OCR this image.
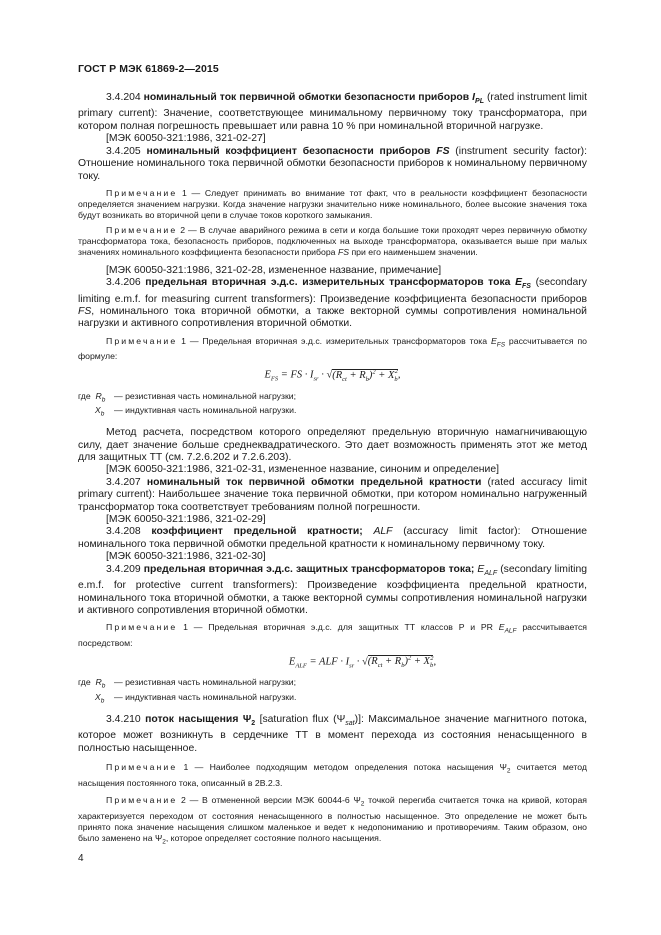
ГОСТ Р МЭК 61869-2—2015

3.4.204 номинальный ток первичной обмотки безопасности приборов $I_{PL}$ (rated instrument limit primary current): Значение, соответствующее минимальному первичному току трансформатора, при котором полная погрешность превышает или равна 10 % при номинальной вторичной нагрузке.

[МЭК 60050-321:1986, 321-02-27]

3.4.205 номинальный коэффициент безопасности приборов FS (instrument security factor): Отношение номинального тока первичной обмотки безопасности приборов к номинальному первичному току.

Примечание 1 — Следует принимать во внимание тот факт, что в реальности коэффициент безопасности определяется значением нагрузки. Когда значение нагрузки значительно ниже номинального, более высокие значения тока будут возникать во вторичной цепи в случае токов короткого замыкания.

Примечание 2 — В случае аварийного режима в сети и когда большие токи проходят через первичную обмотку трансформатора тока, безопасность приборов, подключенных на выходе трансформатора, оказывается выше при малых значениях номинального коэффициента безопасности прибора FS при его наименьшем значении.

[МЭК 60050-321:1986, 321-02-28, измененное название, примечание]

3.4.206 предельная вторичная э.д.с. измерительных трансформаторов тока $E_{FS}$ (secondary limiting e.m.f. for measuring current transformers): Произведение коэффициента безопасности приборов FS, номинального тока вторичной обмотки, а также векторной суммы сопротивления номинальной нагрузки и активного сопротивления вторичной обмотки.

Примечание 1 — Предельная вторичная э.д.с. измерительных трансформаторов тока $E_{FS}$ рассчитывается по формуле:

$E_{FS}$ = FS · $I_{sr} \cdot √(R_{ct} + R_b)^2 + X_b^2$,
где $R_b$ — резистивная часть номинальной нагрузки;
$X_b$	— индуктивная часть номинальной нагрузки.

Метод расчета, посредством которого определяют предельную вторичную намагничивающую силу, дает значение больше среднеквадратического. Это дает возможность применять этот же метод для защитных ТТ (см. 7.2.6.202 и 7.2.6.203).

[МЭК 60050-321:1986, 321-02-31, измененное название, синоним и определение]

3.4.207 номинальный ток первичной обмотки предельной кратности (rated accuracy limit primary current): Наибольшее значение тока первичной обмотки, при котором номинально нагруженный трансформатор тока соответствует требованиям полной погрешности.

[МЭК 60050-321:1986, 321-02-29]

3.4.208 коэффициент предельной кратности; ALF (accuracy limit factor): Отношение номинального тока первичной обмотки предельной кратности к номинальному первичному току.

[МЭК 60050-321:1986, 321-02-30]

3.4.209 предельная вторичная э.д.с. защитных трансформаторов тока; $E_{ALF}$ (secondary limiting e.m.f. for protective current transformers): Произведение коэффициента предельной кратности, номинального тока вторичной обмотки, а также векторной суммы сопротивления номинальной нагрузки и активного сопротивления вторичной обмотки.

Примечание 1 — Предельная вторичная э.д.с. для защитных ТТ классов P и PR $E_{ALF}$ рассчитывается посредством:

$E_{ALF}$ = ALF · $I_{sr} \cdot √(R_{ct} + R_b)^2 + X_b^2$,
где $R_b$ — резистивная часть номинальной нагрузки;
$X_b$	— индуктивная часть номинальной нагрузки.

3.4.210 поток насыщения $\Psi_2$ [saturation flux $(\Psi_{sat})$]: Максимальное значение магнитного потока, которое может возникнуть в сердечнике ТТ в момент перехода из состояния ненасыщенного в полностью насыщенное.

Примечание 1 — Наиболее подходящим методом определения потока насыщения $\Psi_2$ считается метод насыщения постоянного тока, описанный в 2В.2.3.

Примечание 2 — В отмененной версии МЭК 60044-6 $\Psi_2$ точкой перегиба считается точка на кривой, которая характеризуется переходом от состояния ненасыщенного в полностью насыщенное. Это определение не может быть принято пока значение насыщения слишком маленькое и ведет к недопониманию и противоречиям. Таким образом, оно было заменено на $\Psi_2$, которое определяет состояние полного насыщения.

4
